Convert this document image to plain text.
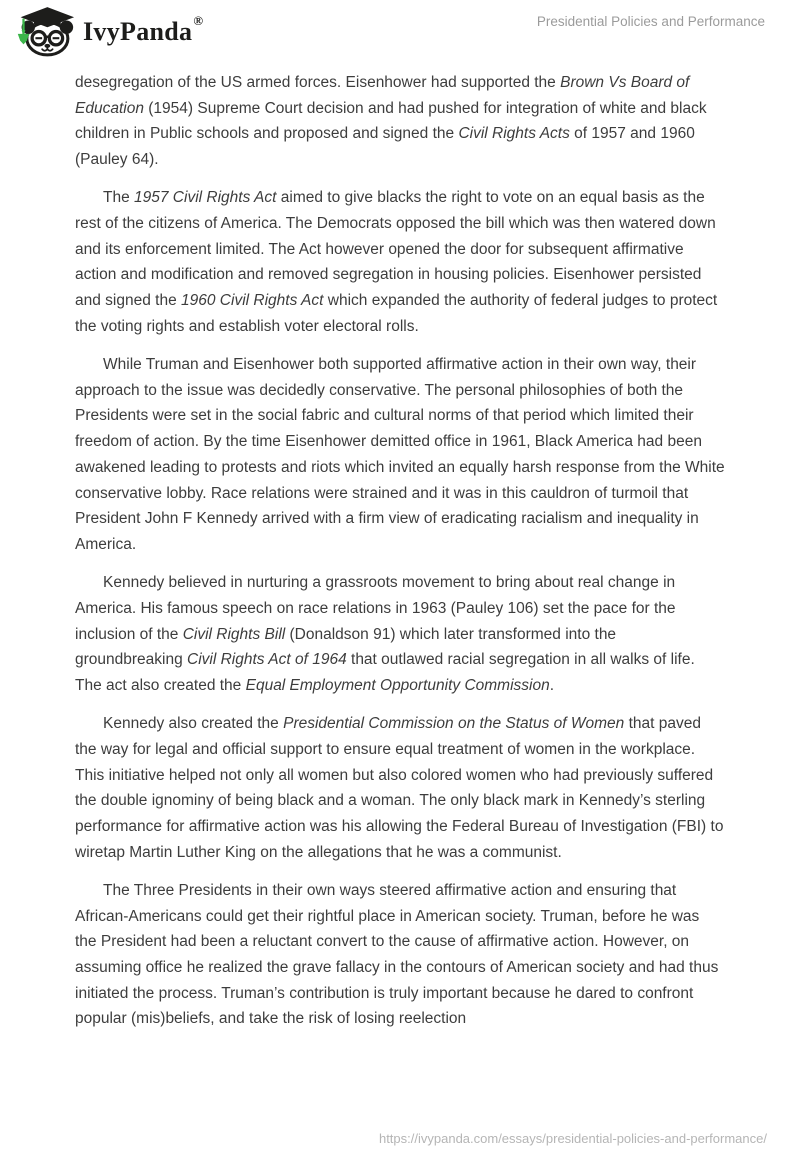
IvyPanda®	Presidential Policies and Performance

desegregation of the US armed forces. Eisenhower had supported the Brown Vs Board of Education (1954) Supreme Court decision and had pushed for integration of white and black children in Public schools and proposed and signed the Civil Rights Acts of 1957 and 1960 (Pauley 64).

The 1957 Civil Rights Act aimed to give blacks the right to vote on an equal basis as the rest of the citizens of America. The Democrats opposed the bill which was then watered down and its enforcement limited. The Act however opened the door for subsequent affirmative action and modification and removed segregation in housing policies. Eisenhower persisted and signed the 1960 Civil Rights Act which expanded the authority of federal judges to protect the voting rights and establish voter electoral rolls.

While Truman and Eisenhower both supported affirmative action in their own way, their approach to the issue was decidedly conservative. The personal philosophies of both the Presidents were set in the social fabric and cultural norms of that period which limited their freedom of action. By the time Eisenhower demitted office in 1961, Black America had been awakened leading to protests and riots which invited an equally harsh response from the White conservative lobby. Race relations were strained and it was in this cauldron of turmoil that President John F Kennedy arrived with a firm view of eradicating racialism and inequality in America.

Kennedy believed in nurturing a grassroots movement to bring about real change in America. His famous speech on race relations in 1963 (Pauley 106) set the pace for the inclusion of the Civil Rights Bill (Donaldson 91) which later transformed into the groundbreaking Civil Rights Act of 1964 that outlawed racial segregation in all walks of life. The act also created the Equal Employment Opportunity Commission.

Kennedy also created the Presidential Commission on the Status of Women that paved the way for legal and official support to ensure equal treatment of women in the workplace. This initiative helped not only all women but also colored women who had previously suffered the double ignominy of being black and a woman. The only black mark in Kennedy’s sterling performance for affirmative action was his allowing the Federal Bureau of Investigation (FBI) to wiretap Martin Luther King on the allegations that he was a communist.

The Three Presidents in their own ways steered affirmative action and ensuring that African-Americans could get their rightful place in American society. Truman, before he was the President had been a reluctant convert to the cause of affirmative action. However, on assuming office he realized the grave fallacy in the contours of American society and had thus initiated the process. Truman’s contribution is truly important because he dared to confront popular (mis)beliefs, and take the risk of losing reelection

https://ivypanda.com/essays/presidential-policies-and-performance/
